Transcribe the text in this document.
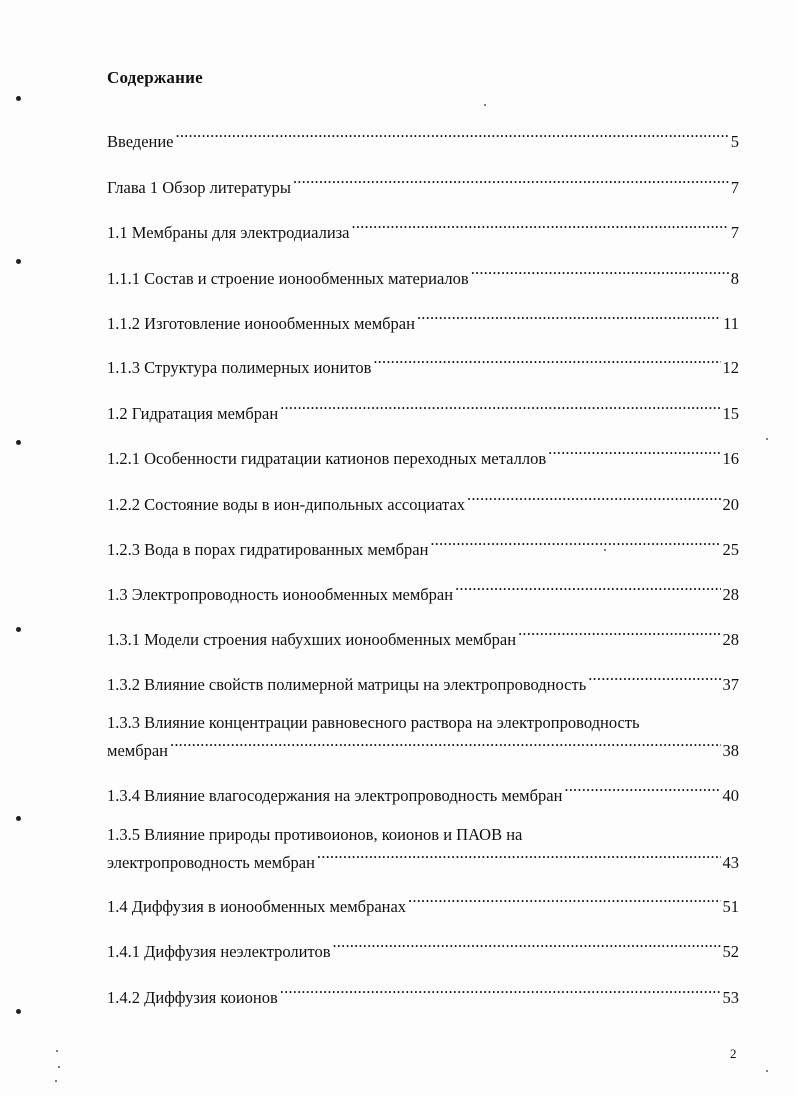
Содержание
Введение .....	5
Глава 1 Обзор литературы .....	7
1.1 Мембраны для электродиализа .....	7
1.1.1 Состав и строение ионообменных материалов .....	8
1.1.2 Изготовление ионообменных мембран .....	11
1.1.3 Структура полимерных ионитов .....	12
1.2 Гидратация мембран .....	15
1.2.1 Особенности гидратации катионов переходных металлов .....	16
1.2.2 Состояние воды в ион-дипольных ассоциатах .....	20
1.2.3 Вода в порах гидратированных мембран .....	25
1.3 Электропроводность ионообменных мембран .....	28
1.3.1 Модели строения набухших ионообменных мембран .....	28
1.3.2 Влияние свойств полимерной матрицы на электропроводность .....	37
1.3.3 Влияние концентрации равновесного раствора на электропроводность
мембран .....	38
1.3.4 Влияние влагосодержания на электропроводность мембран .....	40
1.3.5 Влияние природы противоионов, коионов и ПАОВ на
электропроводность мембран .....	43
1.4 Диффузия в ионообменных мембранах .....	51
1.4.1 Диффузия неэлектролитов .....	52
1.4.2 Диффузия коионов .....	53
2
